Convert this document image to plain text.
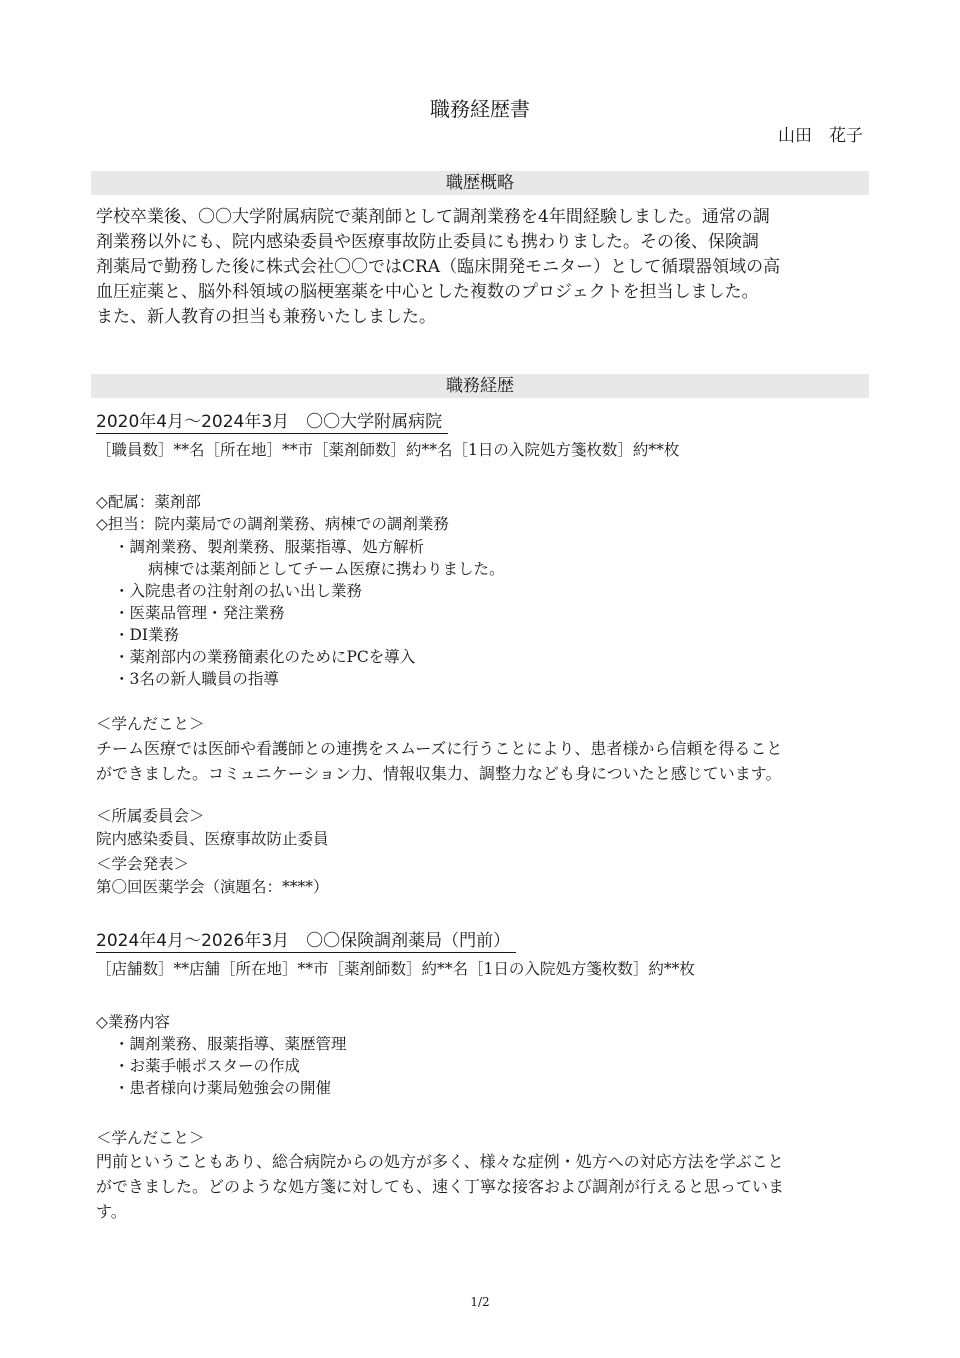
職務経歴書
山田　花子
職歴概略
学校卒業後、〇〇大学附属病院で薬剤師として調剤業務を4年間経験しました。通常の調
剤業務以外にも、院内感染委員や医療事故防止委員にも携わりました。その後、保険調
剤薬局で勤務した後に株式会社〇〇ではCRA（臨床開発モニター）として循環器領域の高
血圧症薬と、脳外科領域の脳梗塞薬を中心とした複数のプロジェクトを担当しました。
また、新人教育の担当も兼務いたしました。
職務経歴
2020年4月～2024年3月　〇〇大学附属病院
［職員数］**名［所在地］**市［薬剤師数］約**名［1日の入院処方箋枚数］約**枚
◇配属：薬剤部
◇担当：院内薬局での調剤業務、病棟での調剤業務
・調剤業務、製剤業務、服薬指導、処方解析
病棟では薬剤師としてチーム医療に携わりました。
・入院患者の注射剤の払い出し業務
・医薬品管理・発注業務
・DI業務
・薬剤部内の業務簡素化のためにPCを導入
・3名の新人職員の指導
＜学んだこと＞
チーム医療では医師や看護師との連携をスムーズに行うことにより、患者様から信頼を得ること
ができました。コミュニケーション力、情報収集力、調整力なども身についたと感じています。
＜所属委員会＞
院内感染委員、医療事故防止委員
＜学会発表＞
第〇回医薬学会（演題名：****）
2024年4月～2026年3月　〇〇保険調剤薬局（門前）
［店舗数］**店舗［所在地］**市［薬剤師数］約**名［1日の入院処方箋枚数］約**枚
◇業務内容
・調剤業務、服薬指導、薬歴管理
・お薬手帳ポスターの作成
・患者様向け薬局勉強会の開催
＜学んだこと＞
門前ということもあり、総合病院からの処方が多く、様々な症例・処方への対応方法を学ぶこと
ができました。どのような処方箋に対しても、速く丁寧な接客および調剤が行えると思っていま
す。
1/2
